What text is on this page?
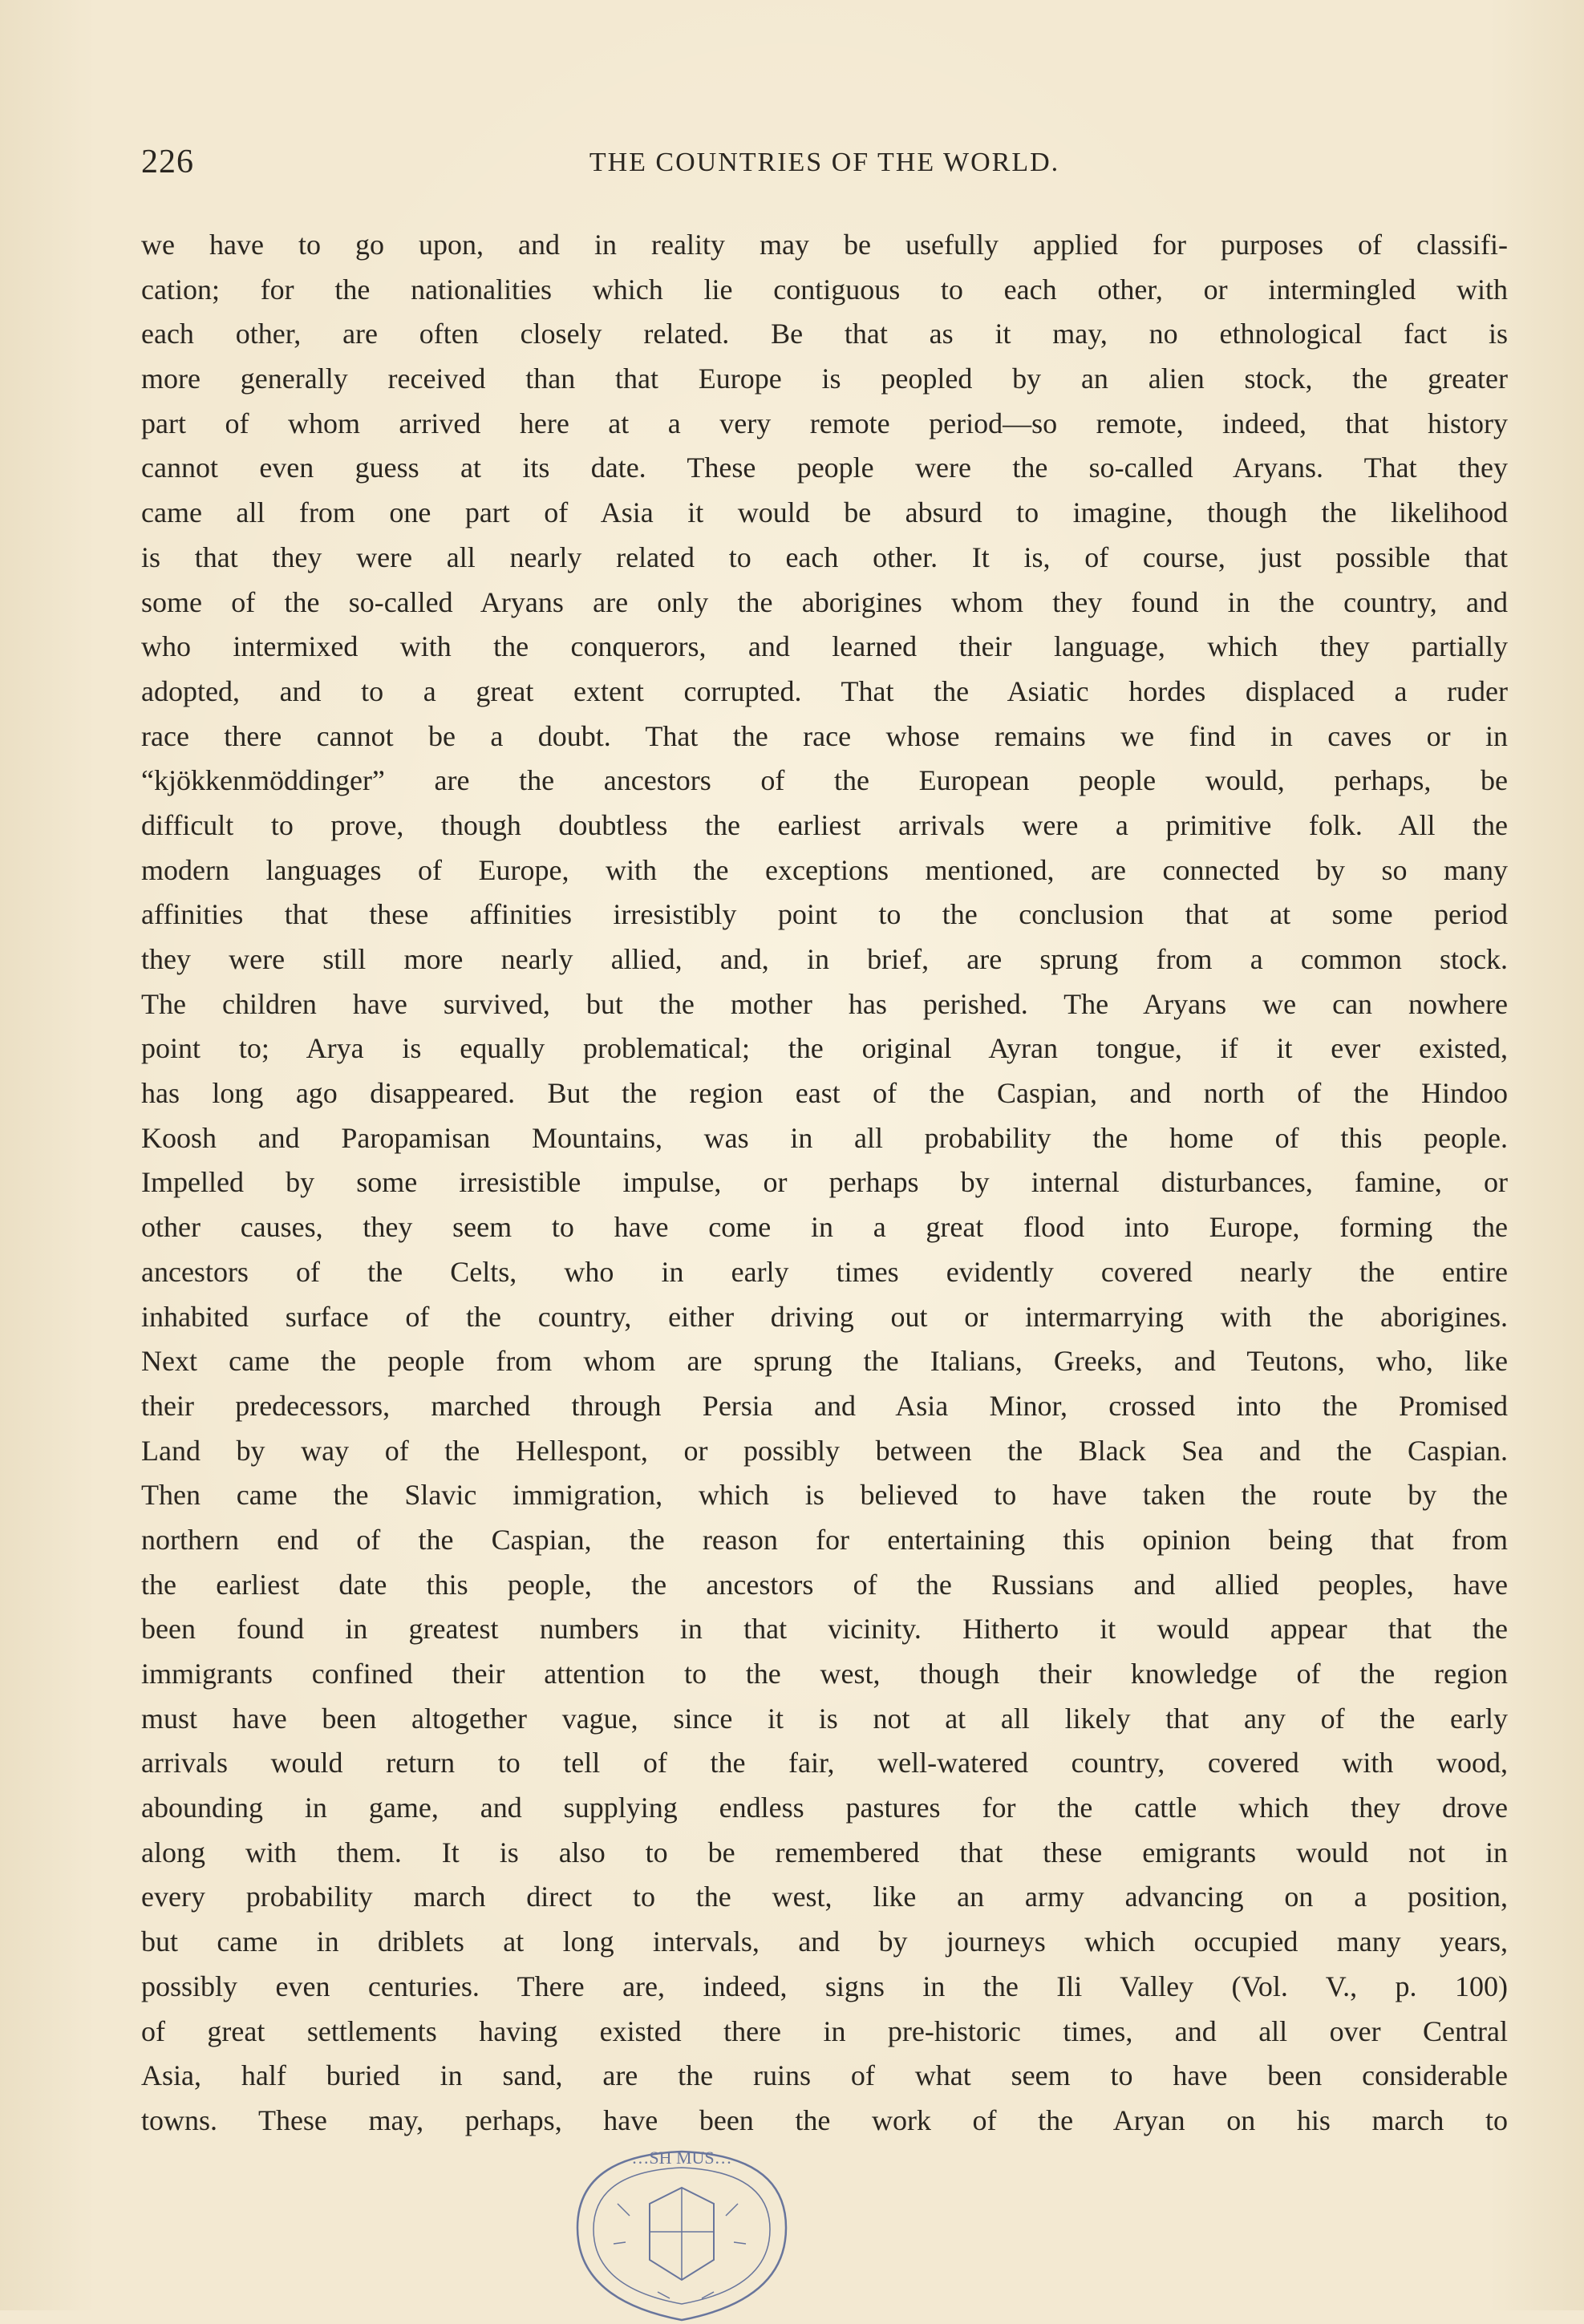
226	THE COUNTRIES OF THE WORLD.
we have to go upon, and in reality may be usefully applied for purposes of classifi-
cation; for the nationalities which lie contiguous to each other, or intermingled with
each other, are often closely related. Be that as it may, no ethnological fact is
more generally received than that Europe is peopled by an alien stock, the greater
part of whom arrived here at a very remote period—so remote, indeed, that history
cannot even guess at its date. These people were the so-called Aryans. That they
came all from one part of Asia it would be absurd to imagine, though the likelihood
is that they were all nearly related to each other. It is, of course, just possible that
some of the so-called Aryans are only the aborigines whom they found in the country, and
who intermixed with the conquerors, and learned their language, which they partially
adopted, and to a great extent corrupted. That the Asiatic hordes displaced a ruder
race there cannot be a doubt. That the race whose remains we find in caves or in
“kjökkenmöddinger” are the ancestors of the European people would, perhaps, be
difficult to prove, though doubtless the earliest arrivals were a primitive folk. All the
modern languages of Europe, with the exceptions mentioned, are connected by so many
affinities that these affinities irresistibly point to the conclusion that at some period
they were still more nearly allied, and, in brief, are sprung from a common stock.
The children have survived, but the mother has perished. The Aryans we can nowhere
point to; Arya is equally problematical; the original Ayran tongue, if it ever existed,
has long ago disappeared. But the region east of the Caspian, and north of the Hindoo
Koosh and Paropamisan Mountains, was in all probability the home of this people.
Impelled by some irresistible impulse, or perhaps by internal disturbances, famine, or
other causes, they seem to have come in a great flood into Europe, forming the
ancestors of the Celts, who in early times evidently covered nearly the entire
inhabited surface of the country, either driving out or intermarrying with the aborigines.
Next came the people from whom are sprung the Italians, Greeks, and Teutons, who, like
their predecessors, marched through Persia and Asia Minor, crossed into the Promised
Land by way of the Hellespont, or possibly between the Black Sea and the Caspian.
Then came the Slavic immigration, which is believed to have taken the route by the
northern end of the Caspian, the reason for entertaining this opinion being that from
the earliest date this people, the ancestors of the Russians and allied peoples, have
been found in greatest numbers in that vicinity. Hitherto it would appear that the
immigrants confined their attention to the west, though their knowledge of the region
must have been altogether vague, since it is not at all likely that any of the early
arrivals would return to tell of the fair, well-watered country, covered with wood,
abounding in game, and supplying endless pastures for the cattle which they drove
along with them. It is also to be remembered that these emigrants would not in
every probability march direct to the west, like an army advancing on a position,
but came in driblets at long intervals, and by journeys which occupied many years,
possibly even centuries. There are, indeed, signs in the Ili Valley (Vol. V., p. 100)
of great settlements having existed there in pre-historic times, and all over Central
Asia, half buried in sand, are the ruins of what seem to have been considerable
towns. These may, perhaps, have been the work of the Aryan on his march to
…SH MUS…
